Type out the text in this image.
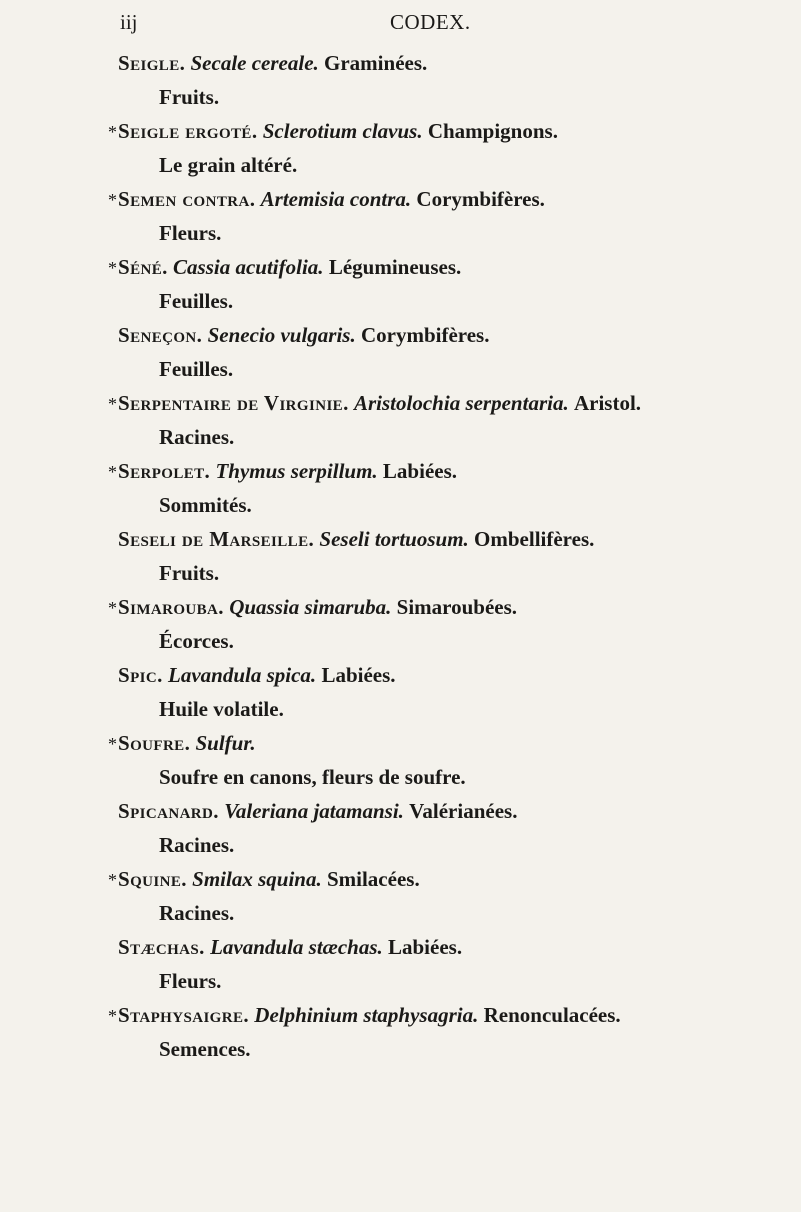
iij	CODEX.
Seigle. Secale cereale. Graminées.
Fruits.
*Seigle ergoté. Sclerotium clavus. Champignons.
Le grain altéré.
*Semen contra. Artemisia contra. Corymbifères.
Fleurs.
*Séné. Cassia acutifolia. Légumineuses.
Feuilles.
Seneçon. Senecio vulgaris. Corymbifères.
Feuilles.
*Serpentaire de Virginie. Aristolochia serpentaria. Aristol.
Racines.
*Serpolet. Thymus serpillum. Labiées.
Sommités.
Seseli de Marseille. Seseli tortuosum. Ombellifères.
Fruits.
*Simarouba. Quassia simaruba. Simaroubées.
Écorces.
Spic. Lavandula spica. Labiées.
Huile volatile.
*Soufre. Sulfur.
Soufre en canons, fleurs de soufre.
Spicanard. Valeriana jatamansi. Valérianées.
Racines.
*Squine. Smilax squina. Smilacées.
Racines.
Stæchas. Lavandula stæchas. Labiées.
Fleurs.
*Staphysaigre. Delphinium staphysagria. Renonculacées.
Semences.
